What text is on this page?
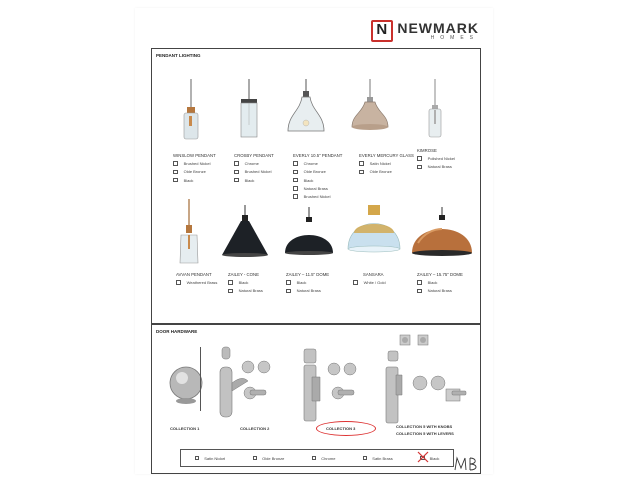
N NEWMARK
HOMES
PENDANT LIGHTING
WINSLOW PENDANT
Brushed Nickel
Olde Bronze
Black
CROSBY PENDANT
Chrome
Brushed Nickel
Black
EVERLY 10.5" PENDANT
Chrome
Olde Bronze
Black
Natural Brass
Brushed Nickel
EVERLY MERCURY GLASS
Satin Nickel
Olde Bronze
KIMROSE
Polished Nickel
Natural Brass
AVVAN PENDANT
Weathered Brass
ZAILEY - CONE
Black
Natural Brass
ZAILEY – 11.5" DOME
Black
Natural Brass
SANSARA
White / Gold
ZAILEY – 15.75" DOME
Black
Natural Brass
DOOR HARDWARE
COLLECTION 1	COLLECTION 2	COLLECTION 3	COLLECTION 5 WITH KNOBS
COLLECTION 5 WITH LEVERS
Satin Nickel	Olde Bronze	Chrome	Satin Brass	Black
